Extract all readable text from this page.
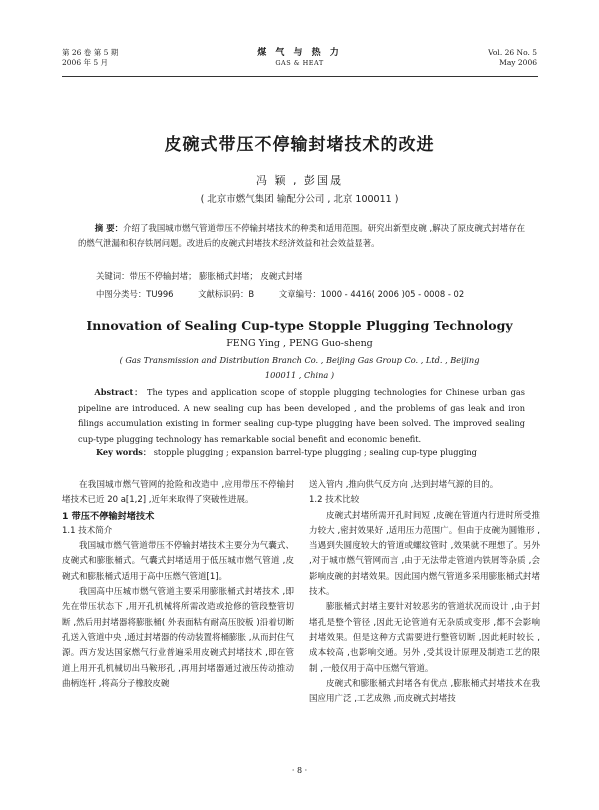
第 26 卷 第 5 期
2006 年 5 月
煤 气 与 热 力
GAS & HEAT
Vol. 26 No. 5
May 2006
皮碗式带压不停输封堵技术的改进
冯 颖 , 彭国晟
( 北京市燃气集团 输配分公司 , 北京 100011 )
摘 要：介绍了我国城市燃气管道带压不停输封堵技术的种类和适用范围。研究出新型皮碗 ,解决了原皮碗式封堵存在的燃气泄漏和积存铁屑问题。改进后的皮碗式封堵技术经济效益和社会效益显著。
关键词：带压不停输封堵； 膨胀桶式封堵； 皮碗式封堵
中图分类号：TU996	文献标识码：B	文章编号：1000 - 4416( 2006 )05 - 0008 - 02
Innovation of Sealing Cup-type Stopple Plugging Technology
FENG Ying , PENG Guo-sheng
( Gas Transmission and Distribution Branch Co. , Beijing Gas Group Co. , Ltd. , Beijing
100011 , China )
Abstract： The types and application scope of stopple plugging technologies for Chinese urban gas pipeline are introduced. A new sealing cup has been developed , and the problems of gas leak and iron filings accumulation existing in former sealing cup-type plugging have been solved. The improved sealing cup-type plugging technology has remarkable social benefit and economic benefit.
Key words： stopple plugging ; expansion barrel-type plugging ; sealing cup-type plugging

在我国城市燃气管网的抢险和改造中 ,应用带压不停输封堵技术已近 20 a[1,2] ,近年来取得了突破性进展。

1 带压不停输封堵技术

1.1 技术简介

我国城市燃气管道带压不停输封堵技术主要分为气囊式、皮碗式和膨胀桶式。气囊式封堵适用于低压城市燃气管道 ,皮碗式和膨胀桶式适用于高中压燃气管道[1]。

我国高中压城市燃气管道主要采用膨胀桶式封堵技术 ,即先在带压状态下 ,用开孔机械将所需改造或抢修的管段整管切断 ,然后用封堵器将膨胀桶( 外表面粘有耐高压胶板 )沿着切断孔送入管道中央 ,通过封堵器的传动装置将桶膨胀 ,从而封住气源。西方发达国家燃气行业普遍采用皮碗式封堵技术 ,即在管道上用开孔机械切出马鞍形孔 ,再用封堵器通过液压传动推动曲柄连杆 ,将高分子橡胶皮碗

送入管内 ,推向供气反方向 ,达到封堵气源的目的。

1.2 技术比较

皮碗式封堵所需开孔时间短 ,皮碗在管道内行进时所受推力较大 ,密封效果好 ,适用压力范围广。但由于皮碗为圆锥形 ,当遇到失圆度较大的管道或螺纹管时 ,效果就不理想了。另外 ,对于城市燃气管网而言 ,由于无法带走管道内铁屑等杂质 ,会影响皮碗的封堵效果。因此国内燃气管道多采用膨胀桶式封堵技术。

膨胀桶式封堵主要针对较恶劣的管道状况而设计 ,由于封堵孔是整个管径 ,因此无论管道有无杂质或变形 ,都不会影响封堵效果。但是这种方式需要进行整管切断 ,因此耗时较长 ,成本较高 ,也影响交通。另外 ,受其设计原理及制造工艺的限制 ,一般仅用于高中压燃气管道。

皮碗式和膨胀桶式封堵各有优点 ,膨胀桶式封堵技术在我国应用广泛 ,工艺成熟 ,而皮碗式封堵技

· 8 ·
